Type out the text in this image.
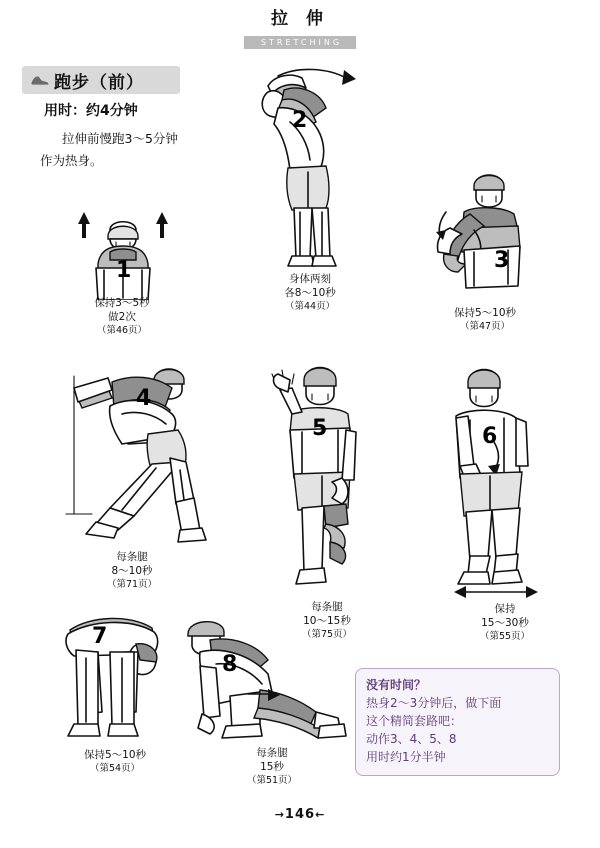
拉 伸
STRETCHING
跑步（前）
用时：约4分钟
拉伸前慢跑3～5分钟
作为热身。
1
保持3～5秒
做2次
（第46页）
2
身体两刻
各8～10秒
（第44页）
3
保持5～10秒
（第47页）
4
每条腿
8～10秒
（第71页）
5
每条腿
10～15秒
（第75页）
6
保持
15～30秒
（第55页）
7
保持5～10秒
（第54页）
8
每条腿
15秒
（第51页）
没有时间？
热身2～3分钟后，做下面
这个精简套路吧：
动作3、4、5、8
用时约1分半钟
→146←
